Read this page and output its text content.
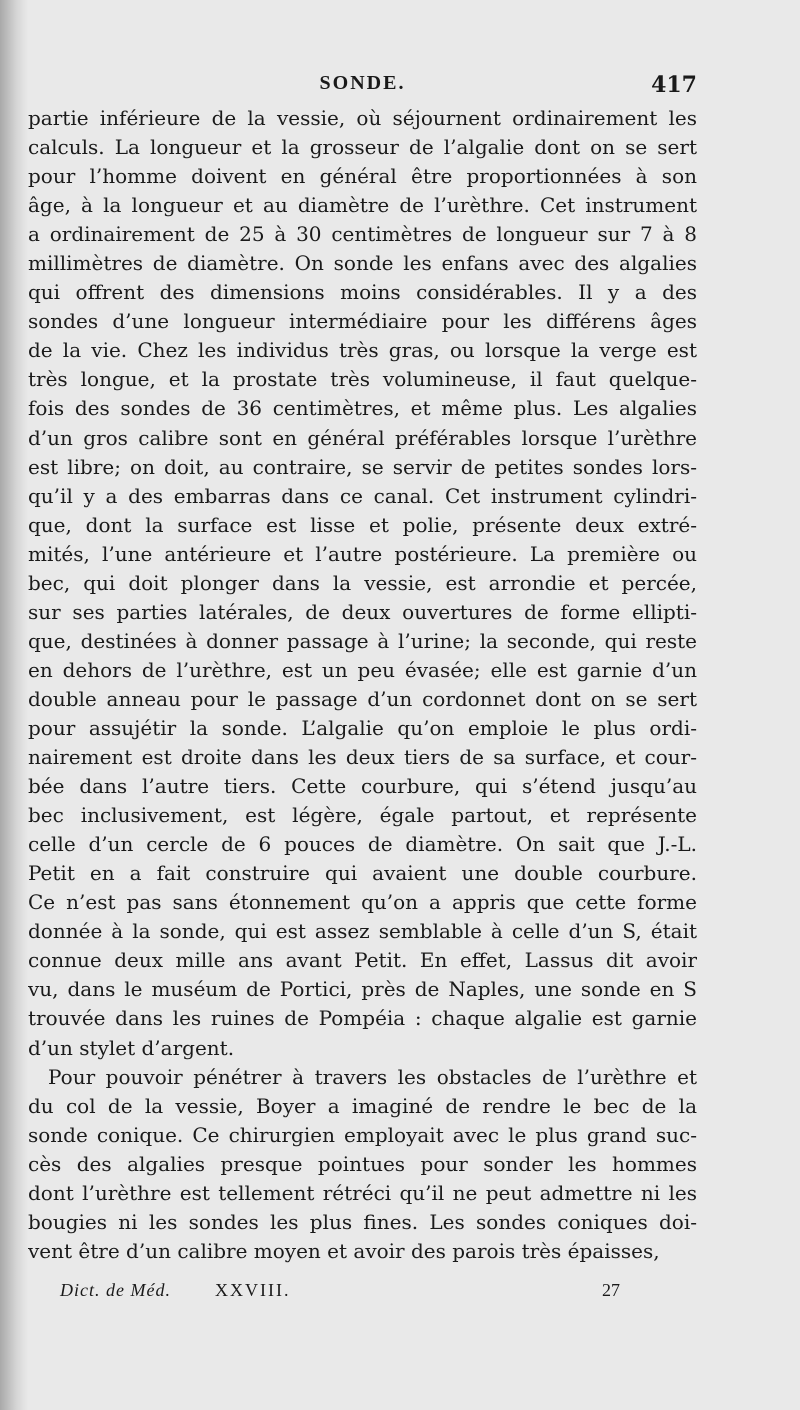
SONDE.	417
partie inférieure de la vessie, où séjournent ordinairement les
calculs. La longueur et la grosseur de l’algalie dont on se sert
pour l’homme doivent en général être proportionnées à son
âge, à la longueur et au diamètre de l’urèthre. Cet instrument
a ordinairement de 25 à 30 centimètres de longueur sur 7 à 8
millimètres de diamètre. On sonde les enfans avec des algalies
qui offrent des dimensions moins considérables. Il y a des
sondes d’une longueur intermédiaire pour les différens âges
de la vie. Chez les individus très gras, ou lorsque la verge est
très longue, et la prostate très volumineuse, il faut quelque-
fois des sondes de 36 centimètres, et même plus. Les algalies
d’un gros calibre sont en général préférables lorsque l’urèthre
est libre; on doit, au contraire, se servir de petites sondes lors-
qu’il y a des embarras dans ce canal. Cet instrument cylindri-
que, dont la surface est lisse et polie, présente deux extré-
mités, l’une antérieure et l’autre postérieure. La première ou
bec, qui doit plonger dans la vessie, est arrondie et percée,
sur ses parties latérales, de deux ouvertures de forme ellipti-
que, destinées à donner passage à l’urine; la seconde, qui reste
en dehors de l’urèthre, est un peu évasée; elle est garnie d’un
double anneau pour le passage d’un cordonnet dont on se sert
pour assujétir la sonde. L’algalie qu’on emploie le plus ordi-
nairement est droite dans les deux tiers de sa surface, et cour-
bée dans l’autre tiers. Cette courbure, qui s’étend jusqu’au
bec inclusivement, est légère, égale partout, et représente
celle d’un cercle de 6 pouces de diamètre. On sait que J.-L.
Petit en a fait construire qui avaient une double courbure.
Ce n’est pas sans étonnement qu’on a appris que cette forme
donnée à la sonde, qui est assez semblable à celle d’un S, était
connue deux mille ans avant Petit. En effet, Lassus dit avoir
vu, dans le muséum de Portici, près de Naples, une sonde en S
trouvée dans les ruines de Pompéia : chaque algalie est garnie
d’un stylet d’argent.
Pour pouvoir pénétrer à travers les obstacles de l’urèthre et
du col de la vessie, Boyer a imaginé de rendre le bec de la
sonde conique. Ce chirurgien employait avec le plus grand suc-
cès des algalies presque pointues pour sonder les hommes
dont l’urèthre est tellement rétréci qu’il ne peut admettre ni les
bougies ni les sondes les plus fines. Les sondes coniques doi-
vent être d’un calibre moyen et avoir des parois très épaisses,
Dict. de Méd. XXVIII.	27
